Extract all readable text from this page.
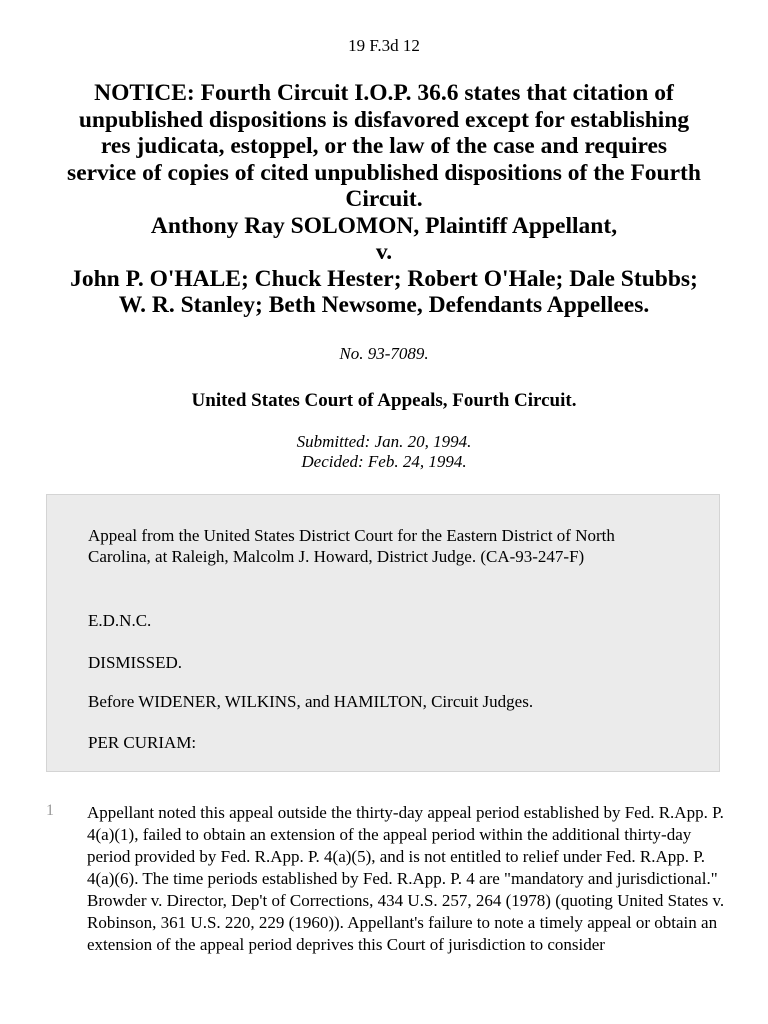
19 F.3d 12
NOTICE: Fourth Circuit I.O.P. 36.6 states that citation of
unpublished dispositions is disfavored except for establishing
res judicata, estoppel, or the law of the case and requires
service of copies of cited unpublished dispositions of the Fourth
Circuit.
Anthony Ray SOLOMON, Plaintiff Appellant,
v.
John P. O'HALE; Chuck Hester; Robert O'Hale; Dale Stubbs;
W. R. Stanley; Beth Newsome, Defendants Appellees.
No. 93-7089.
United States Court of Appeals, Fourth Circuit.
Submitted: Jan. 20, 1994.
Decided: Feb. 24, 1994.

Appeal from the United States District Court for the Eastern District of North Carolina, at Raleigh, Malcolm J. Howard, District Judge. (CA-93-247-F)

E.D.N.C.

DISMISSED.

Before WIDENER, WILKINS, and HAMILTON, Circuit Judges.

PER CURIAM:

1 Appellant noted this appeal outside the thirty-day appeal period established by Fed. R.App. P. 4(a)(1), failed to obtain an extension of the appeal period within the additional thirty-day period provided by Fed. R.App. P. 4(a)(5), and is not entitled to relief under Fed. R.App. P. 4(a)(6). The time periods established by Fed. R.App. P. 4 are "mandatory and jurisdictional." Browder v. Director, Dep't of Corrections, 434 U.S. 257, 264 (1978) (quoting United States v. Robinson, 361 U.S. 220, 229 (1960)). Appellant's failure to note a timely appeal or obtain an extension of the appeal period deprives this Court of jurisdiction to consider
